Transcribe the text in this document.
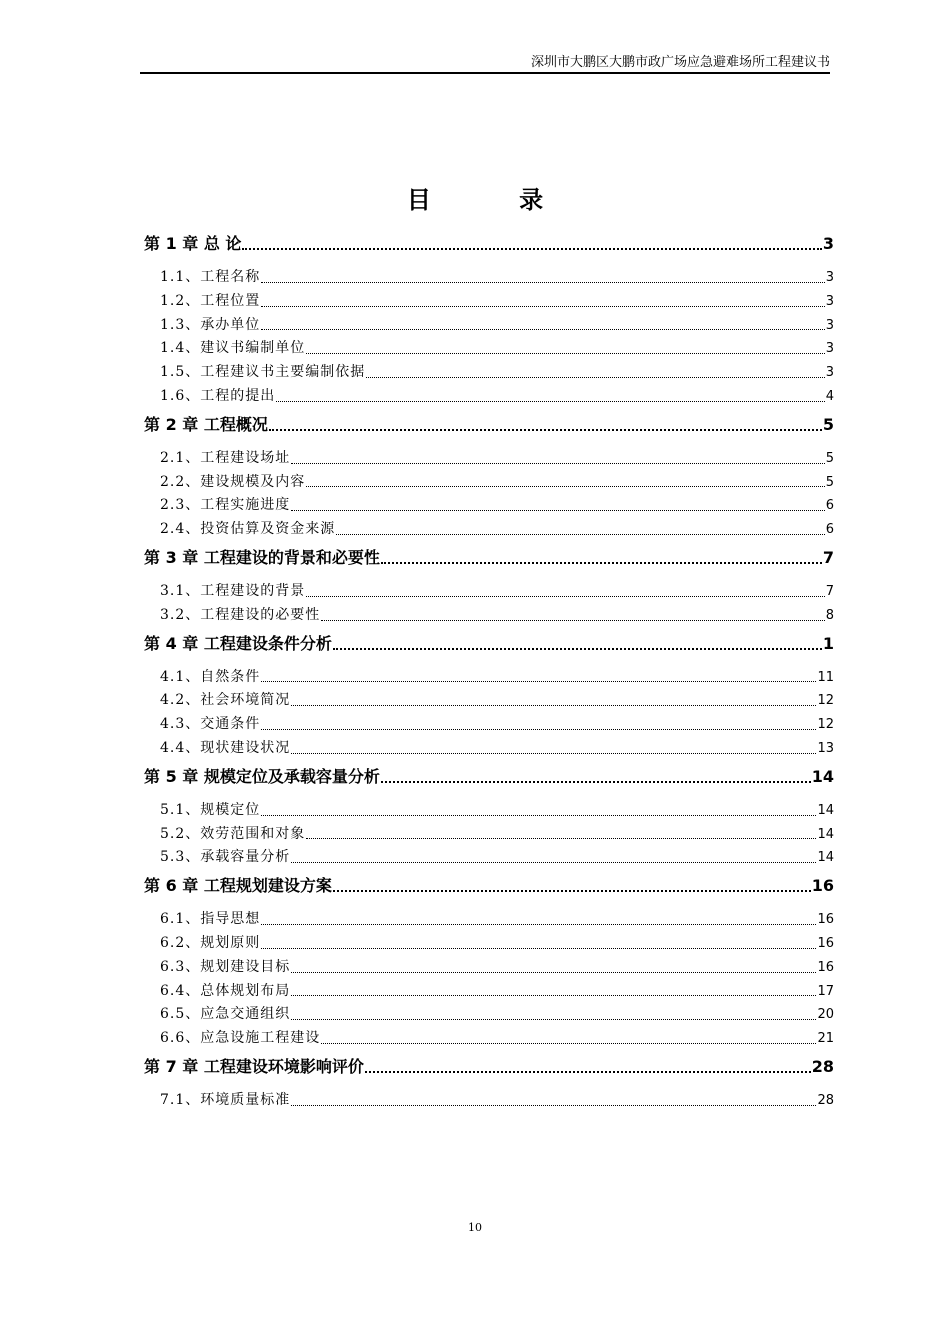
深圳市大鹏区大鹏市政广场应急避难场所工程建议书
目 录
第 1 章 总 论	3
1.1、工程名称	3
1.2、工程位置	3
1.3、承办单位	3
1.4、建议书编制单位	3
1.5、工程建议书主要编制依据	3
1.6、工程的提出	4
第 2 章 工程概况	5
2.1、工程建设场址	5
2.2、建设规模及内容	5
2.3、工程实施进度	6
2.4、投资估算及资金来源	6
第 3 章 工程建设的背景和必要性	7
3.1、工程建设的背景	7
3.2、工程建设的必要性	8
第 4 章 工程建设条件分析	1
4.1、自然条件	11
4.2、社会环境简况	12
4.3、交通条件	12
4.4、现状建设状况	13
第 5 章 规模定位及承载容量分析	14
5.1、规模定位	14
5.2、效劳范围和对象	14
5.3、承载容量分析	14
第 6 章 工程规划建设方案	16
6.1、指导思想	16
6.2、规划原则	16
6.3、规划建设目标	16
6.4、总体规划布局	17
6.5、应急交通组织	20
6.6、应急设施工程建设	21
第 7 章 工程建设环境影响评价	28
7.1、环境质量标准	28
10
